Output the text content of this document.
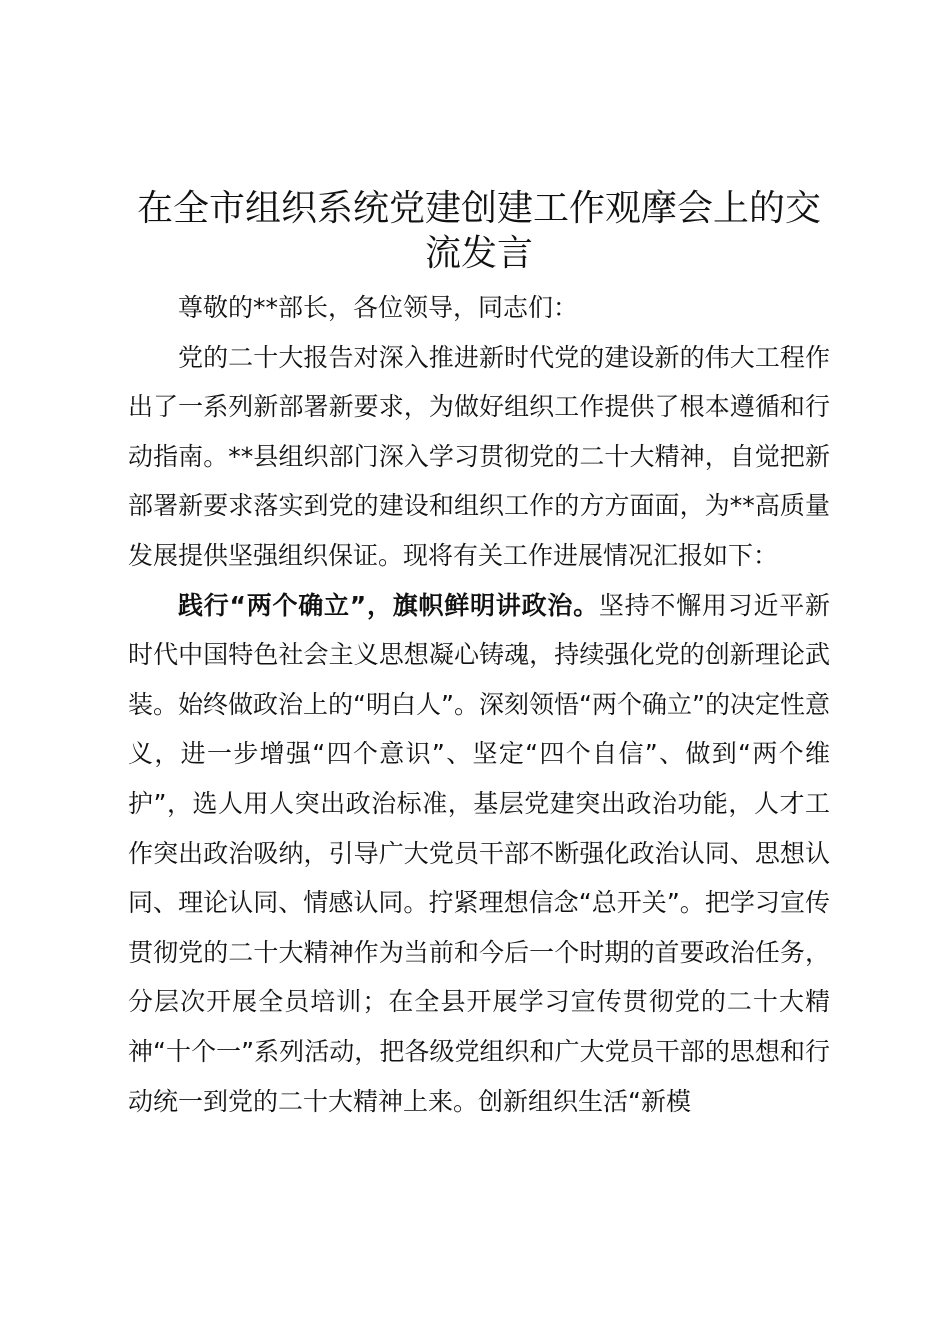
在全市组织系统党建创建工作观摩会上的交流发言

尊敬的**部长，各位领导，同志们：

党的二十大报告对深入推进新时代党的建设新的伟大工程作出了一系列新部署新要求，为做好组织工作提供了根本遵循和行动指南。**县组织部门深入学习贯彻党的二十大精神，自觉把新部署新要求落实到党的建设和组织工作的方方面面，为**高质量发展提供坚强组织保证。现将有关工作进展情况汇报如下：

践行“两个确立”，旗帜鲜明讲政治。坚持不懈用习近平新时代中国特色社会主义思想凝心铸魂，持续强化党的创新理论武装。始终做政治上的“明白人”。深刻领悟“两个确立”的决定性意义，进一步增强“四个意识”、坚定“四个自信”、做到“两个维护”，选人用人突出政治标准，基层党建突出政治功能，人才工作突出政治吸纳，引导广大党员干部不断强化政治认同、思想认同、理论认同、情感认同。拧紧理想信念“总开关”。把学习宣传贯彻党的二十大精神作为当前和今后一个时期的首要政治任务，分层次开展全员培训；在全县开展学习宣传贯彻党的二十大精神“十个一”系列活动，把各级党组织和广大党员干部的思想和行动统一到党的二十大精神上来。创新组织生活“新模
